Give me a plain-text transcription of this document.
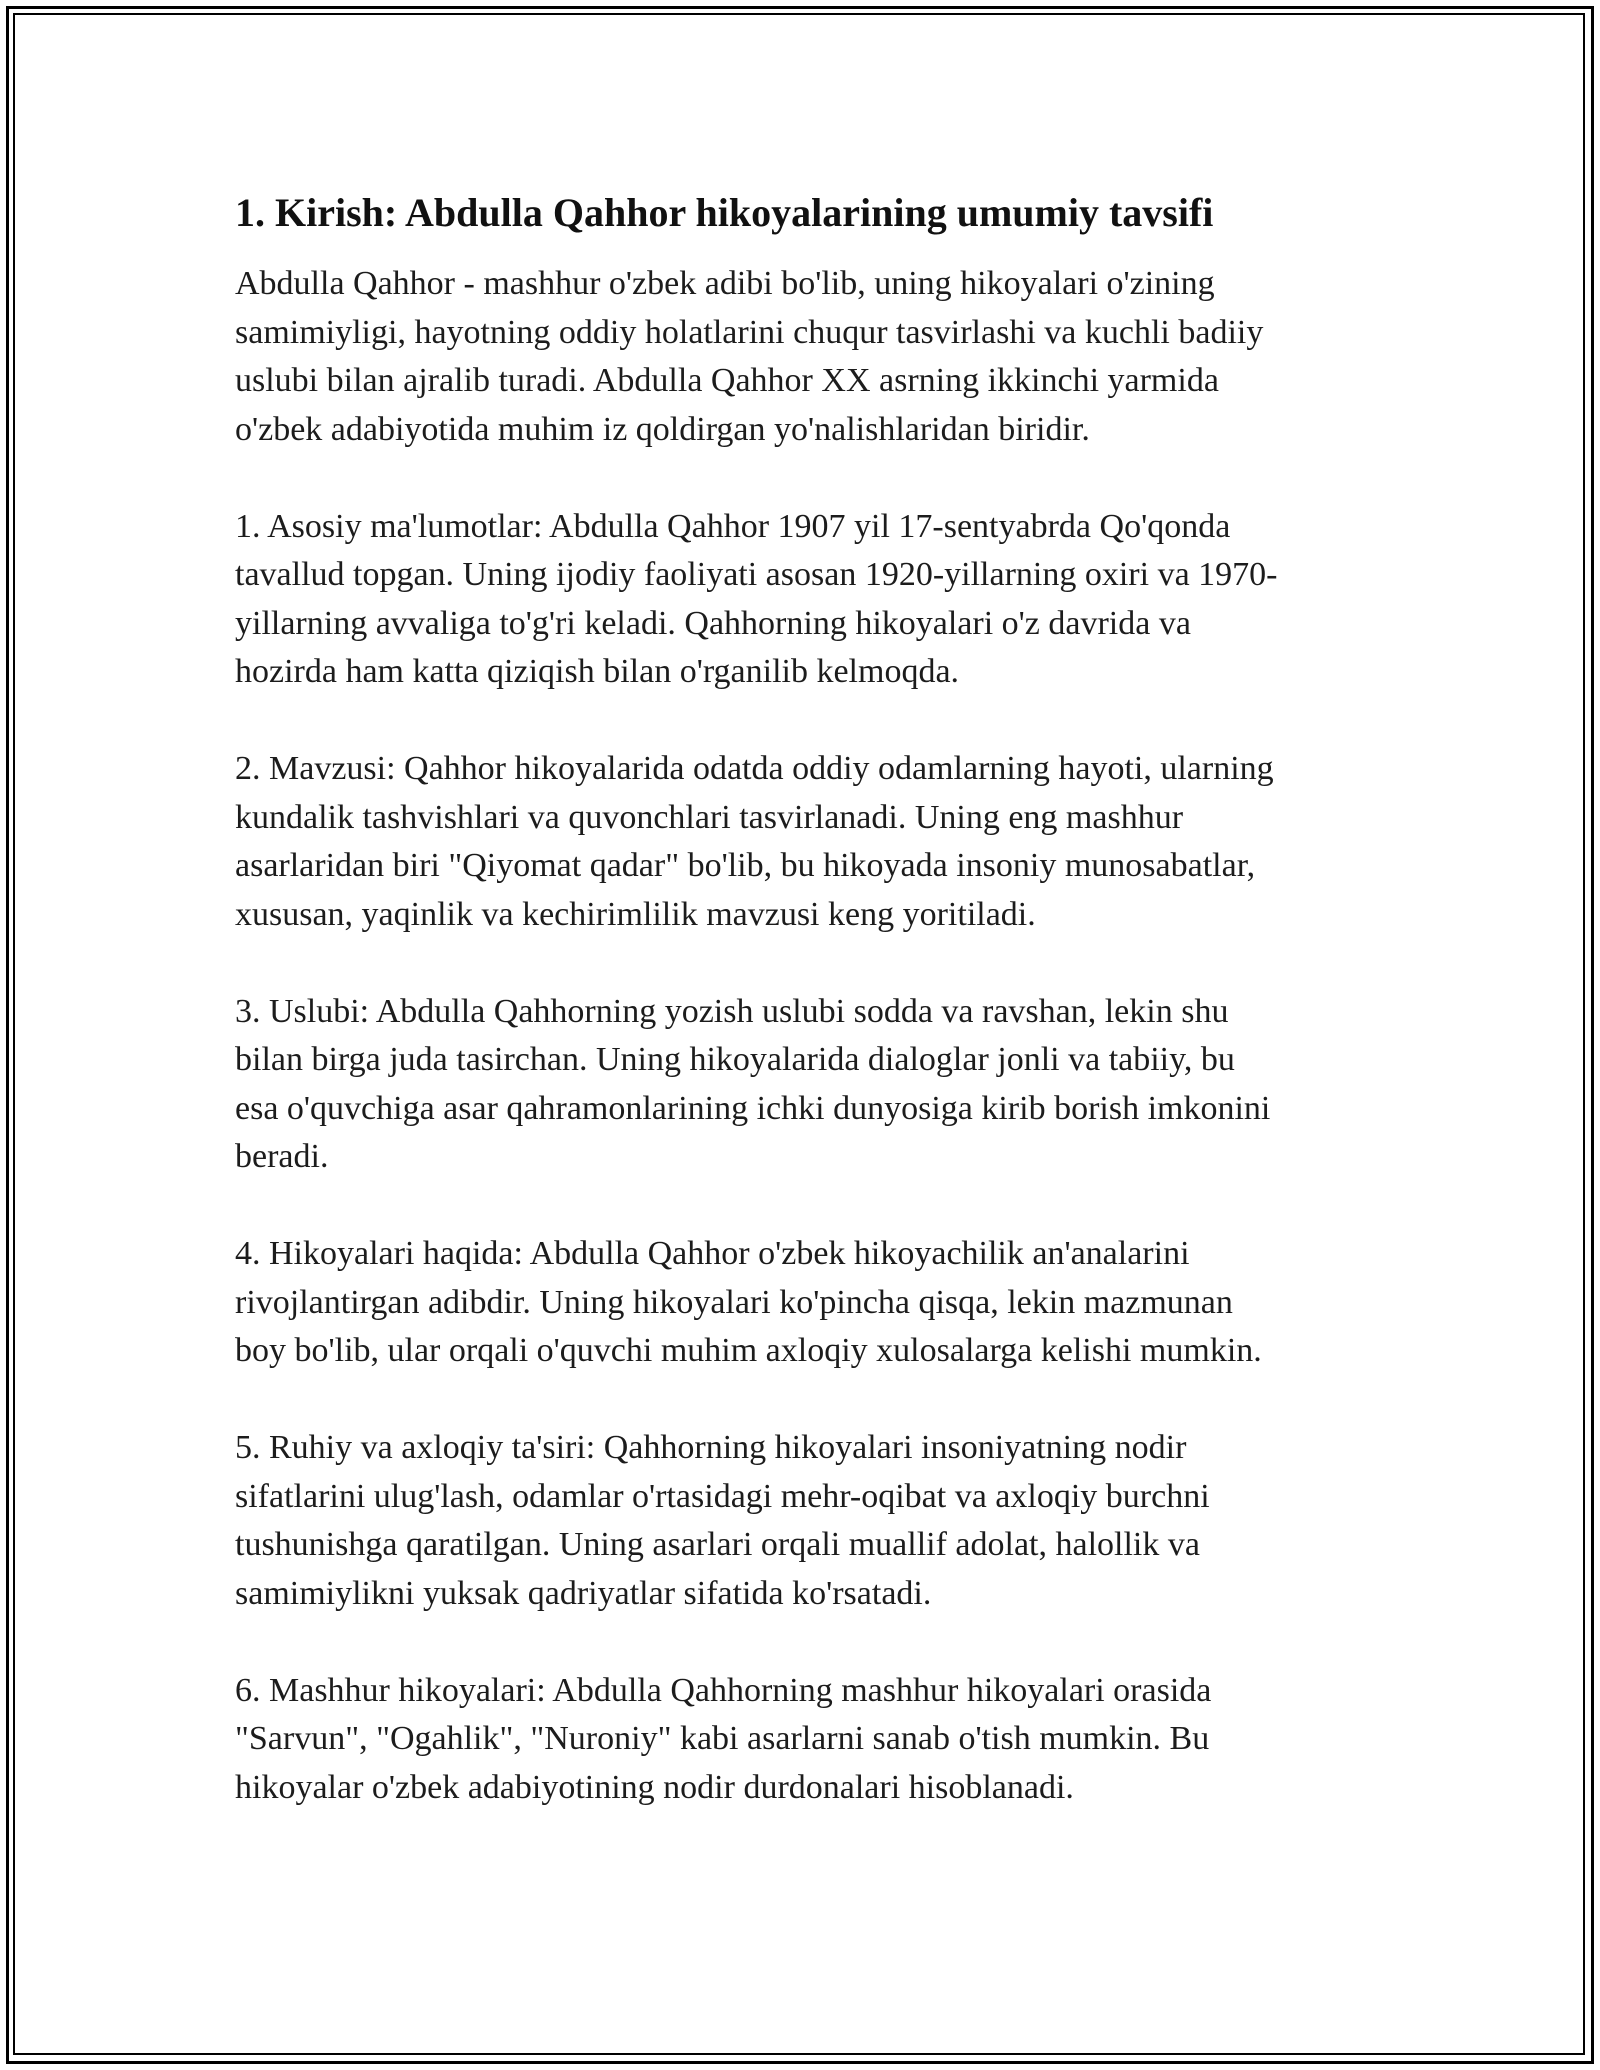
1. Kirish: Abdulla Qahhor hikoyalarining umumiy tavsifi

Abdulla Qahhor - mashhur o'zbek adibi bo'lib, uning hikoyalari o'zining
samimiyligi, hayotning oddiy holatlarini chuqur tasvirlashi va kuchli badiiy
uslubi bilan ajralib turadi. Abdulla Qahhor XX asrning ikkinchi yarmida
o'zbek adabiyotida muhim iz qoldirgan yo'nalishlaridan biridir.

1. Asosiy ma'lumotlar: Abdulla Qahhor 1907 yil 17-sentyabrda Qo'qonda
tavallud topgan. Uning ijodiy faoliyati asosan 1920-yillarning oxiri va 1970-
yillarning avvaliga to'g'ri keladi. Qahhorning hikoyalari o'z davrida va
hozirda ham katta qiziqish bilan o'rganilib kelmoqda.

2. Mavzusi: Qahhor hikoyalarida odatda oddiy odamlarning hayoti, ularning
kundalik tashvishlari va quvonchlari tasvirlanadi. Uning eng mashhur
asarlaridan biri "Qiyomat qadar" bo'lib, bu hikoyada insoniy munosabatlar,
xususan, yaqinlik va kechirimlilik mavzusi keng yoritiladi.

3. Uslubi: Abdulla Qahhorning yozish uslubi sodda va ravshan, lekin shu
bilan birga juda tasirchan. Uning hikoyalarida dialoglar jonli va tabiiy, bu
esa o'quvchiga asar qahramonlarining ichki dunyosiga kirib borish imkonini
beradi.

4. Hikoyalari haqida: Abdulla Qahhor o'zbek hikoyachilik an'analarini
rivojlantirgan adibdir. Uning hikoyalari ko'pincha qisqa, lekin mazmunan
boy bo'lib, ular orqali o'quvchi muhim axloqiy xulosalarga kelishi mumkin.

5. Ruhiy va axloqiy ta'siri: Qahhorning hikoyalari insoniyatning nodir
sifatlarini ulug'lash, odamlar o'rtasidagi mehr-oqibat va axloqiy burchni
tushunishga qaratilgan. Uning asarlari orqali muallif adolat, halollik va
samimiylikni yuksak qadriyatlar sifatida ko'rsatadi.

6. Mashhur hikoyalari: Abdulla Qahhorning mashhur hikoyalari orasida
"Sarvun", "Ogahlik", "Nuroniy" kabi asarlarni sanab o'tish mumkin. Bu
hikoyalar o'zbek adabiyotining nodir durdonalari hisoblanadi.
